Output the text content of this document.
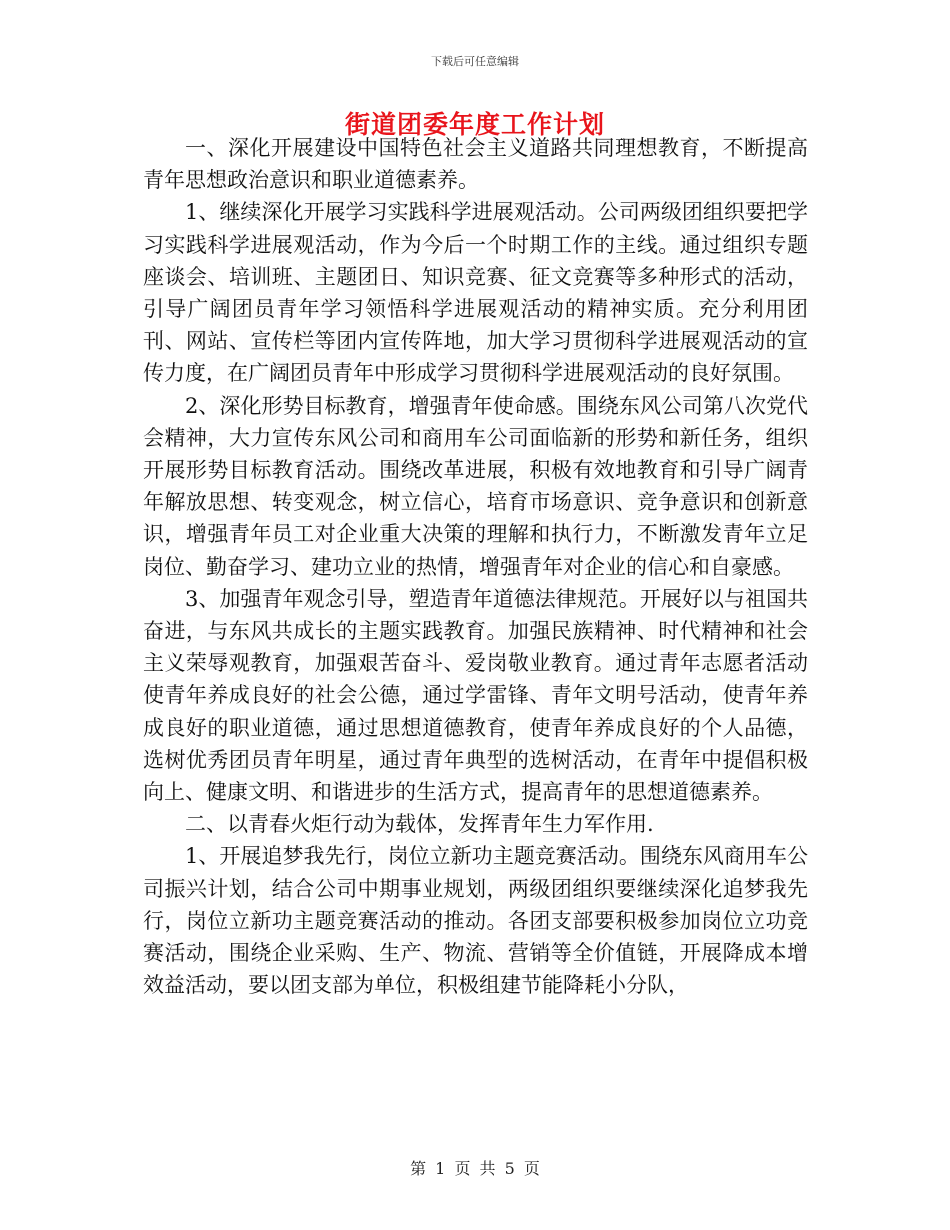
下载后可任意编辑
街道团委年度工作计划

一、深化开展建设中国特色社会主义道路共同理想教育，不断提高青年思想政治意识和职业道德素养。

1、继续深化开展学习实践科学进展观活动。公司两级团组织要把学习实践科学进展观活动，作为今后一个时期工作的主线。通过组织专题座谈会、培训班、主题团日、知识竞赛、征文竞赛等多种形式的活动，引导广阔团员青年学习领悟科学进展观活动的精神实质。充分利用团刊、网站、宣传栏等团内宣传阵地，加大学习贯彻科学进展观活动的宣传力度，在广阔团员青年中形成学习贯彻科学进展观活动的良好氛围。

2、深化形势目标教育，增强青年使命感。围绕东风公司第八次党代会精神，大力宣传东风公司和商用车公司面临新的形势和新任务，组织开展形势目标教育活动。围绕改革进展，积极有效地教育和引导广阔青年解放思想、转变观念，树立信心，培育市场意识、竞争意识和创新意识，增强青年员工对企业重大决策的理解和执行力，不断激发青年立足岗位、勤奋学习、建功立业的热情，增强青年对企业的信心和自豪感。

3、加强青年观念引导，塑造青年道德法律规范。开展好以与祖国共奋进，与东风共成长的主题实践教育。加强民族精神、时代精神和社会主义荣辱观教育，加强艰苦奋斗、爱岗敬业教育。通过青年志愿者活动使青年养成良好的社会公德，通过学雷锋、青年文明号活动，使青年养成良好的职业道德，通过思想道德教育，使青年养成良好的个人品德，选树优秀团员青年明星，通过青年典型的选树活动，在青年中提倡积极向上、健康文明、和谐进步的生活方式，提高青年的思想道德素养。

二、以青春火炬行动为载体，发挥青年生力军作用.

1、开展追梦我先行，岗位立新功主题竞赛活动。围绕东风商用车公司振兴计划，结合公司中期事业规划，两级团组织要继续深化追梦我先行，岗位立新功主题竞赛活动的推动。各团支部要积极参加岗位立功竞赛活动，围绕企业采购、生产、物流、营销等全价值链，开展降成本增效益活动，要以团支部为单位，积极组建节能降耗小分队，

第 1 页 共 5 页
